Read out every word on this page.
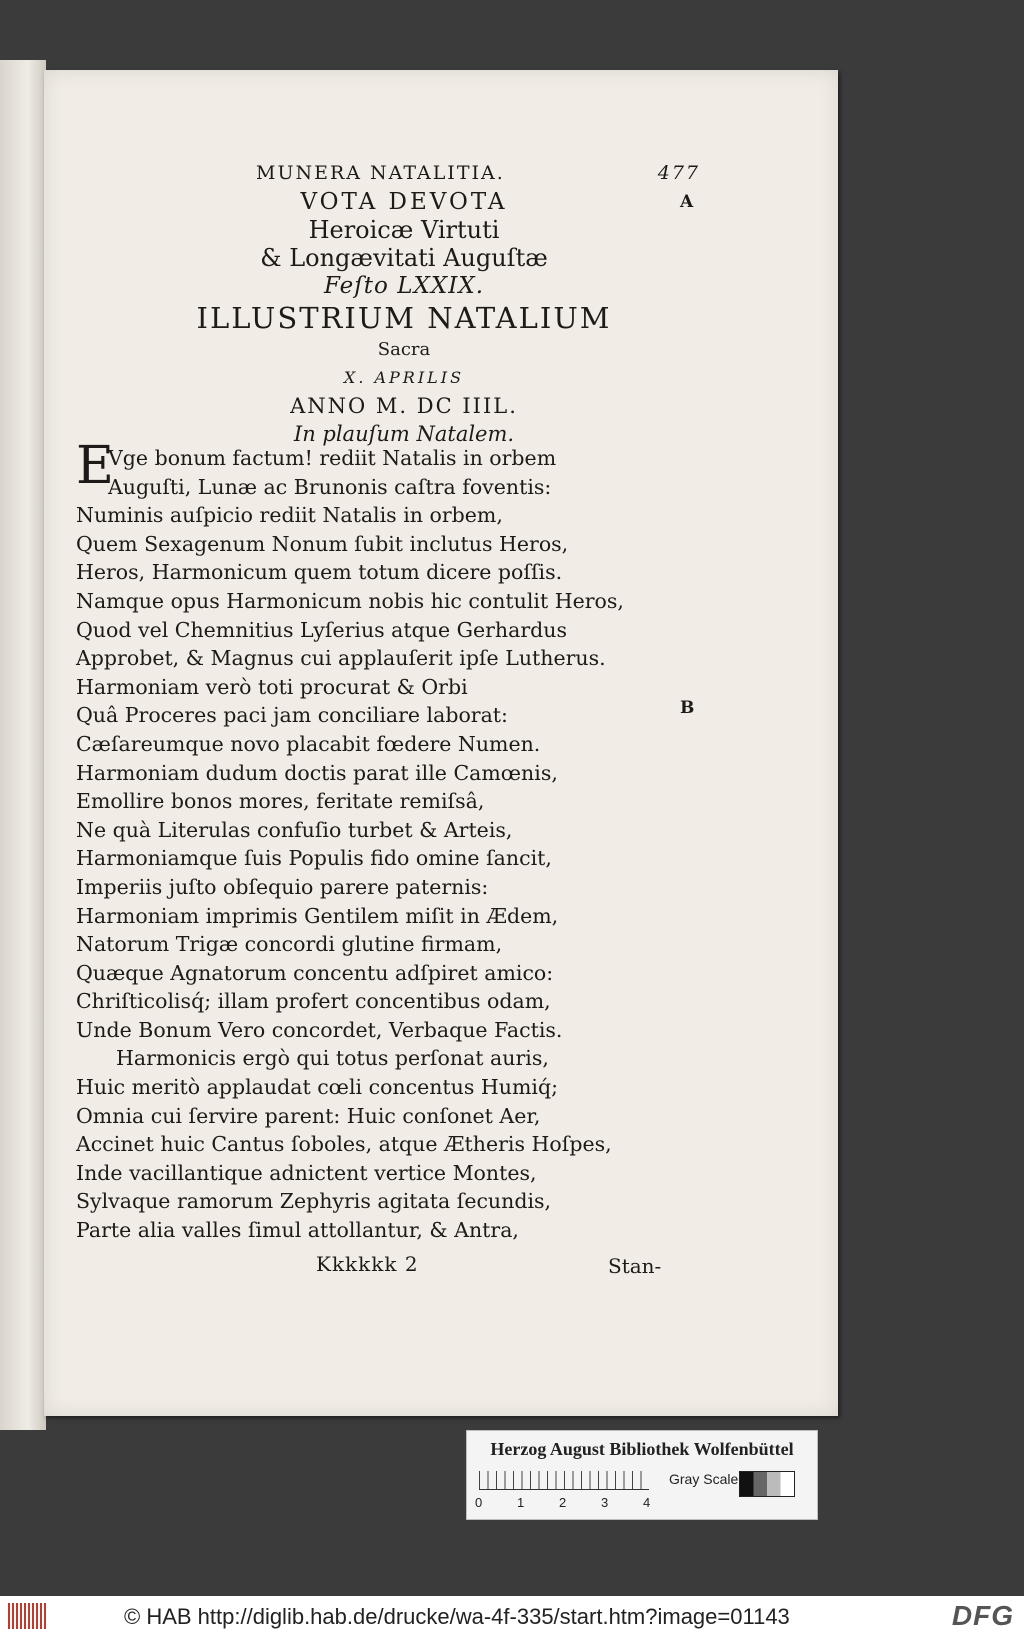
MUNERA NATALITIA.	477
A
B
VOTA DEVOTA
Heroicæ Virtuti
& Longævitati Auguſtæ
Feſto LXXIX.
ILLUSTRIUM NATALIUM
Sacra
X. APRILIS
ANNO M. DC IIIL.
In plauſum Natalem.
E
Vge bonum factum! rediit Natalis in orbem
Auguſti, Lunæ ac Brunonis caſtra foventis:
Numinis auſpicio rediit Natalis in orbem,
Quem Sexagenum Nonum ſubit inclutus Heros,
Heros, Harmonicum quem totum dicere poſſis.
Namque opus Harmonicum nobis hic contulit Heros,
Quod vel Chemnitius Lyſerius atque Gerhardus
Approbet, & Magnus cui applauſerit ipſe Lutherus.
Harmoniam verò toti procurat & Orbi
Quâ Proceres paci jam conciliare laborat:
Cæſareumque novo placabit fœdere Numen.
Harmoniam dudum doctis parat ille Camœnis,
Emollire bonos mores, feritate remiſsâ,
Ne quà Literulas confuſio turbet & Arteis,
Harmoniamque ſuis Populis fido omine ſancit,
Imperiis juſto obſequio parere paternis:
Harmoniam imprimis Gentilem miſit in Ædem,
Natorum Trigæ concordi glutine firmam,
Quæque Agnatorum concentu adſpiret amico:
Chriſticolisq́; illam profert concentibus odam,
Unde Bonum Vero concordet, Verbaque Factis.
Harmonicis ergò qui totus perſonat auris,
Huic meritò applaudat cœli concentus Humiq́;
Omnia cui ſervire parent: Huic conſonet Aer,
Accinet huic Cantus ſoboles, atque Ætheris Hoſpes,
Inde vacillantique adnictent vertice Montes,
Sylvaque ramorum Zephyris agitata ſecundis,
Parte alia valles ſimul attollantur, & Antra,
Kkkkkk 2	Stan-
Herzog August Bibliothek Wolfenbüttel
0	1	2	3	4
Gray Scale
© HAB http://diglib.hab.de/drucke/wa-4f-335/start.htm?image=01143	DFG
